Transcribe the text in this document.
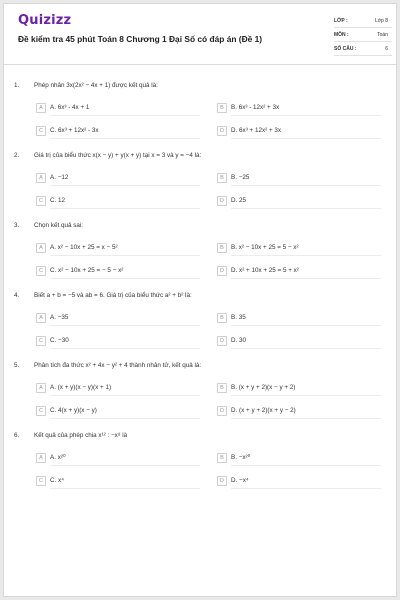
Quizizz
Đề kiểm tra 45 phút Toán 8 Chương 1 Đại Số có đáp án (Đề 1)
LỚP :	Lớp 8
MÔN :	Toán
SỐ CÂU :	6
1. Phép nhân 3x(2x² − 4x + 1) được kết quả là:
A	A. 6x³ - 4x + 1	B	B. 6x³ - 12x² + 3x
C	C. 6x³ + 12x² - 3x	D	D. 6x³ + 12x² + 3x
2. Giá trị của biểu thức x(x − y) + y(x + y) tại x = 3 và y = −4 là:
A	A. −12	B	B. −25
C	C. 12	D	D. 25
3. Chọn kết quả sai:
A	A. x² − 10x + 25 = x − 5²	B	B. x² − 10x + 25 = 5 − x²
C	C. x² − 10x + 25 = − 5 − x²	D	D. x² + 10x + 25 = 5 + x²
4. Biết a + b = −5 và ab = 6. Giá trị của biểu thức a² + b² là:
A	A. −35	B	B. 35
C	C. −30	D	D. 30
5. Phân tích đa thức x² + 4x − y² + 4 thành nhân tử, kết quả là:
A	A. (x + y)(x − y)(x + 1)	B	B. (x + y + 2)(x − y + 2)
C	C. 4(x + y)(x − y)	D	D. (x + y + 2)(x + y − 2)
6. Kết quả của phép chia x¹² : −x⁸ là
A	A. x²⁰	B	B. −x²⁰
C	C. x⁴	D	D. −x⁴
